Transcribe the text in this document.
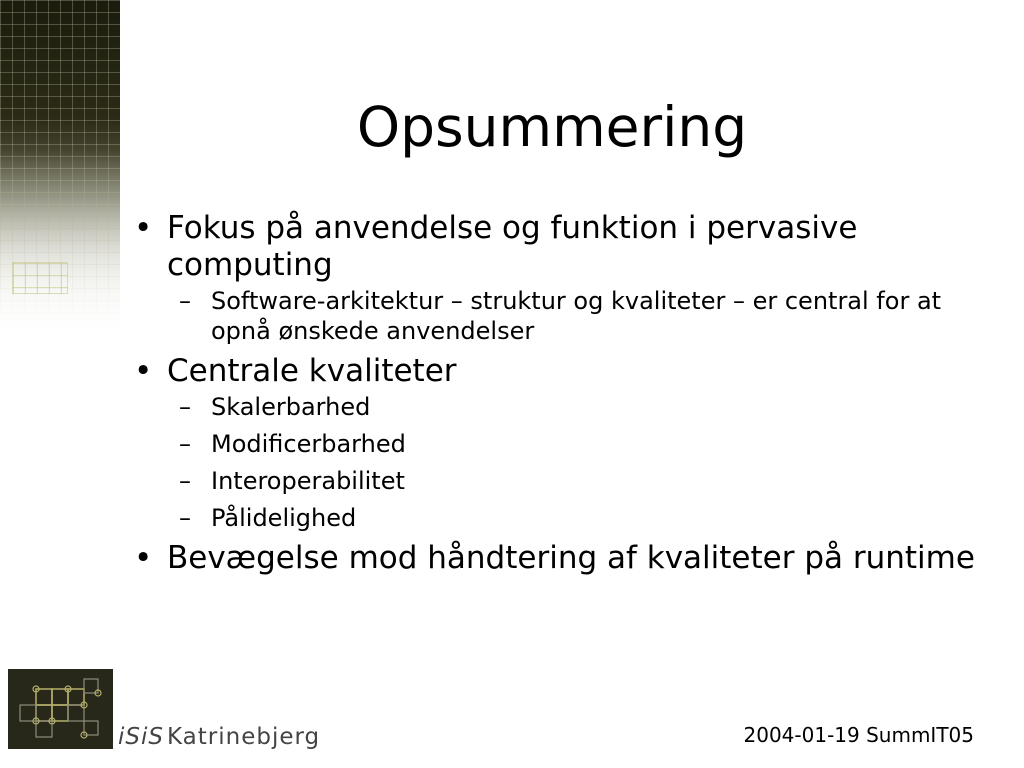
Opsummering
• Fokus på anvendelse og funktion i pervasive computing
– Software-arkitektur – struktur og kvaliteter – er central for at opnå ønskede anvendelser
• Centrale kvaliteter
– Skalerbarhed
– Modificerbarhed
– Interoperabilitet
– Pålidelighed
• Bevægelse mod håndtering af kvaliteter på runtime
iSiS Katrinebjerg	2004-01-19 SummIT05
